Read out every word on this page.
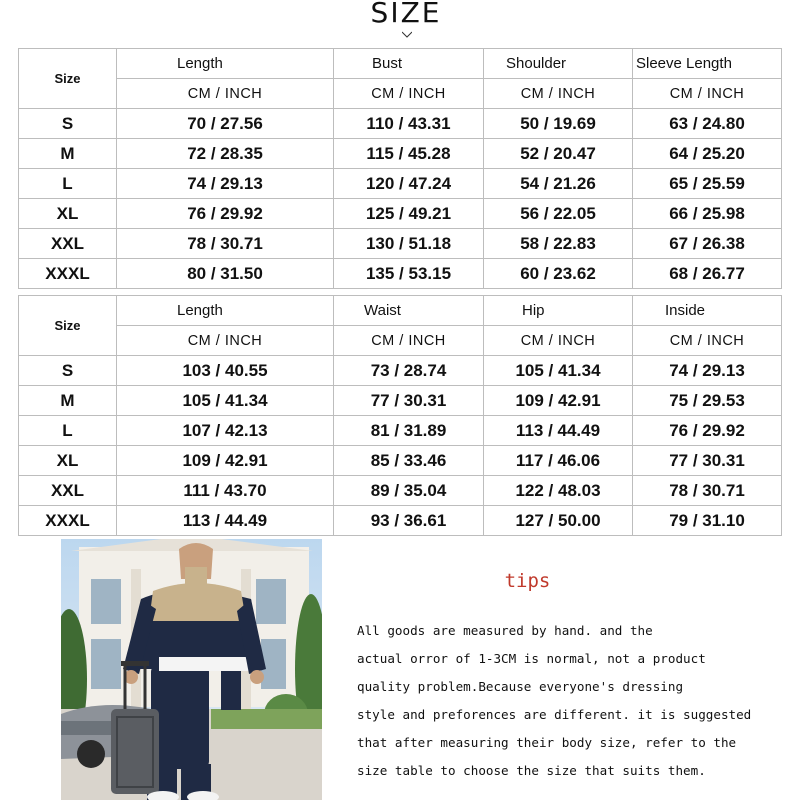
SIZE
Size	Length	Bust	Shoulder	Sleeve Length
	CM / INCH	CM / INCH	CM / INCH	CM / INCH
S	70 / 27.56	110 / 43.31	50 / 19.69	63 / 24.80
M	72 / 28.35	115 / 45.28	52 / 20.47	64 / 25.20
L	74 / 29.13	120 / 47.24	54 / 21.26	65 / 25.59
XL	76 / 29.92	125 / 49.21	56 / 22.05	66 / 25.98
XXL	78 / 30.71	130 / 51.18	58 / 22.83	67 / 26.38
XXXL	80 / 31.50	135 / 53.15	60 / 23.62	68 / 26.77
Size	Length	Waist	Hip	Inside
	CM / INCH	CM / INCH	CM / INCH	CM / INCH
S	103 / 40.55	73 / 28.74	105 / 41.34	74 / 29.13
M	105 / 41.34	77 / 30.31	109 / 42.91	75 / 29.53
L	107 / 42.13	81 / 31.89	113 / 44.49	76 / 29.92
XL	109 / 42.91	85 / 33.46	117 / 46.06	77 / 30.31
XXL	111 / 43.70	89 / 35.04	122 / 48.03	78 / 30.71
XXXL	113 / 44.49	93 / 36.61	127 / 50.00	79 / 31.10
tips
All goods are measured by hand. and the
actual orror of 1-3CM is normal, not a product
quality problem.Because everyone's dressing
style and preforences are different. it is suggested
that after measuring their body size, refer to the
size table to choose the size that suits them.
